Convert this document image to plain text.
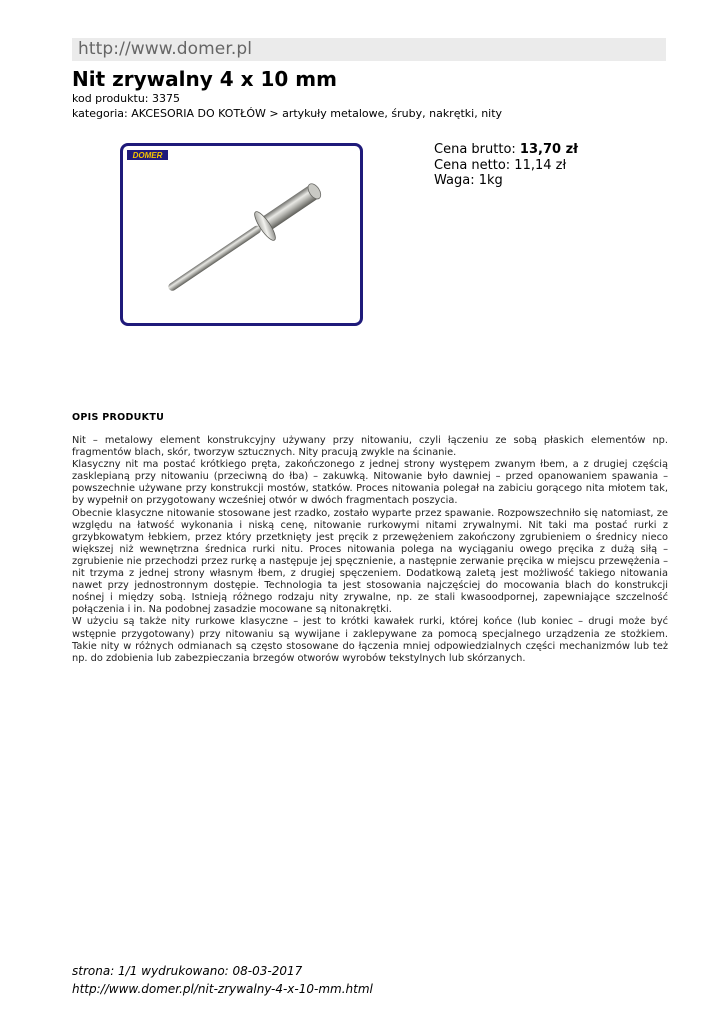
http://www.domer.pl
Nit zrywalny 4 x 10 mm
kod produktu: 3375
kategoria: AKCESORIA DO KOTŁÓW > artykuły metalowe, śruby, nakrętki, nity
DOMER	Cena brutto: 13,70 zł
Cena netto: 11,14 zł
Waga: 1kg
OPIS PRODUKTU

Nit – metalowy element konstrukcyjny używany przy nitowaniu, czyli łączeniu ze sobą płaskich elementów np. fragmentów blach, skór, tworzyw sztucznych. Nity pracują zwykle na ścinanie.

Klasyczny nit ma postać krótkiego pręta, zakończonego z jednej strony występem zwanym łbem, a z drugiej częścią zasklepianą przy nitowaniu (przeciwną do łba) – zakuwką. Nitowanie było dawniej – przed opanowaniem spawania – powszechnie używane przy konstrukcji mostów, statków. Proces nitowania polegał na zabiciu gorącego nita młotem tak, by wypełnił on przygotowany wcześniej otwór w dwóch fragmentach poszycia.

Obecnie klasyczne nitowanie stosowane jest rzadko, zostało wyparte przez spawanie. Rozpowszechniło się natomiast, ze względu na łatwość wykonania i niską cenę, nitowanie rurkowymi nitami zrywalnymi. Nit taki ma postać rurki z grzybkowatym łebkiem, przez który przetknięty jest pręcik z przewężeniem zakończony zgrubieniem o średnicy nieco większej niż wewnętrzna średnica rurki nitu. Proces nitowania polega na wyciąganiu owego pręcika z dużą siłą – zgrubienie nie przechodzi przez rurkę a następuje jej spęcznienie, a następnie zerwanie pręcika w miejscu przewężenia – nit trzyma z jednej strony własnym łbem, z drugiej spęczeniem. Dodatkową zaletą jest możliwość takiego nitowania nawet przy jednostronnym dostępie. Technologia ta jest stosowania najczęściej do mocowania blach do konstrukcji nośnej i między sobą. Istnieją różnego rodzaju nity zrywalne, np. ze stali kwasoodpornej, zapewniające szczelność połączenia i in. Na podobnej zasadzie mocowane są nitonakrętki.

W użyciu są także nity rurkowe klasyczne – jest to krótki kawałek rurki, której końce (lub koniec – drugi może być wstępnie przygotowany) przy nitowaniu są wywijane i zaklepywane za pomocą specjalnego urządzenia ze stożkiem. Takie nity w różnych odmianach są często stosowane do łączenia mniej odpowiedzialnych części mechanizmów lub też np. do zdobienia lub zabezpieczania brzegów otworów wyrobów tekstylnych lub skórzanych.

strona: 1/1 wydrukowano: 08-03-2017
http://www.domer.pl/nit-zrywalny-4-x-10-mm.html
